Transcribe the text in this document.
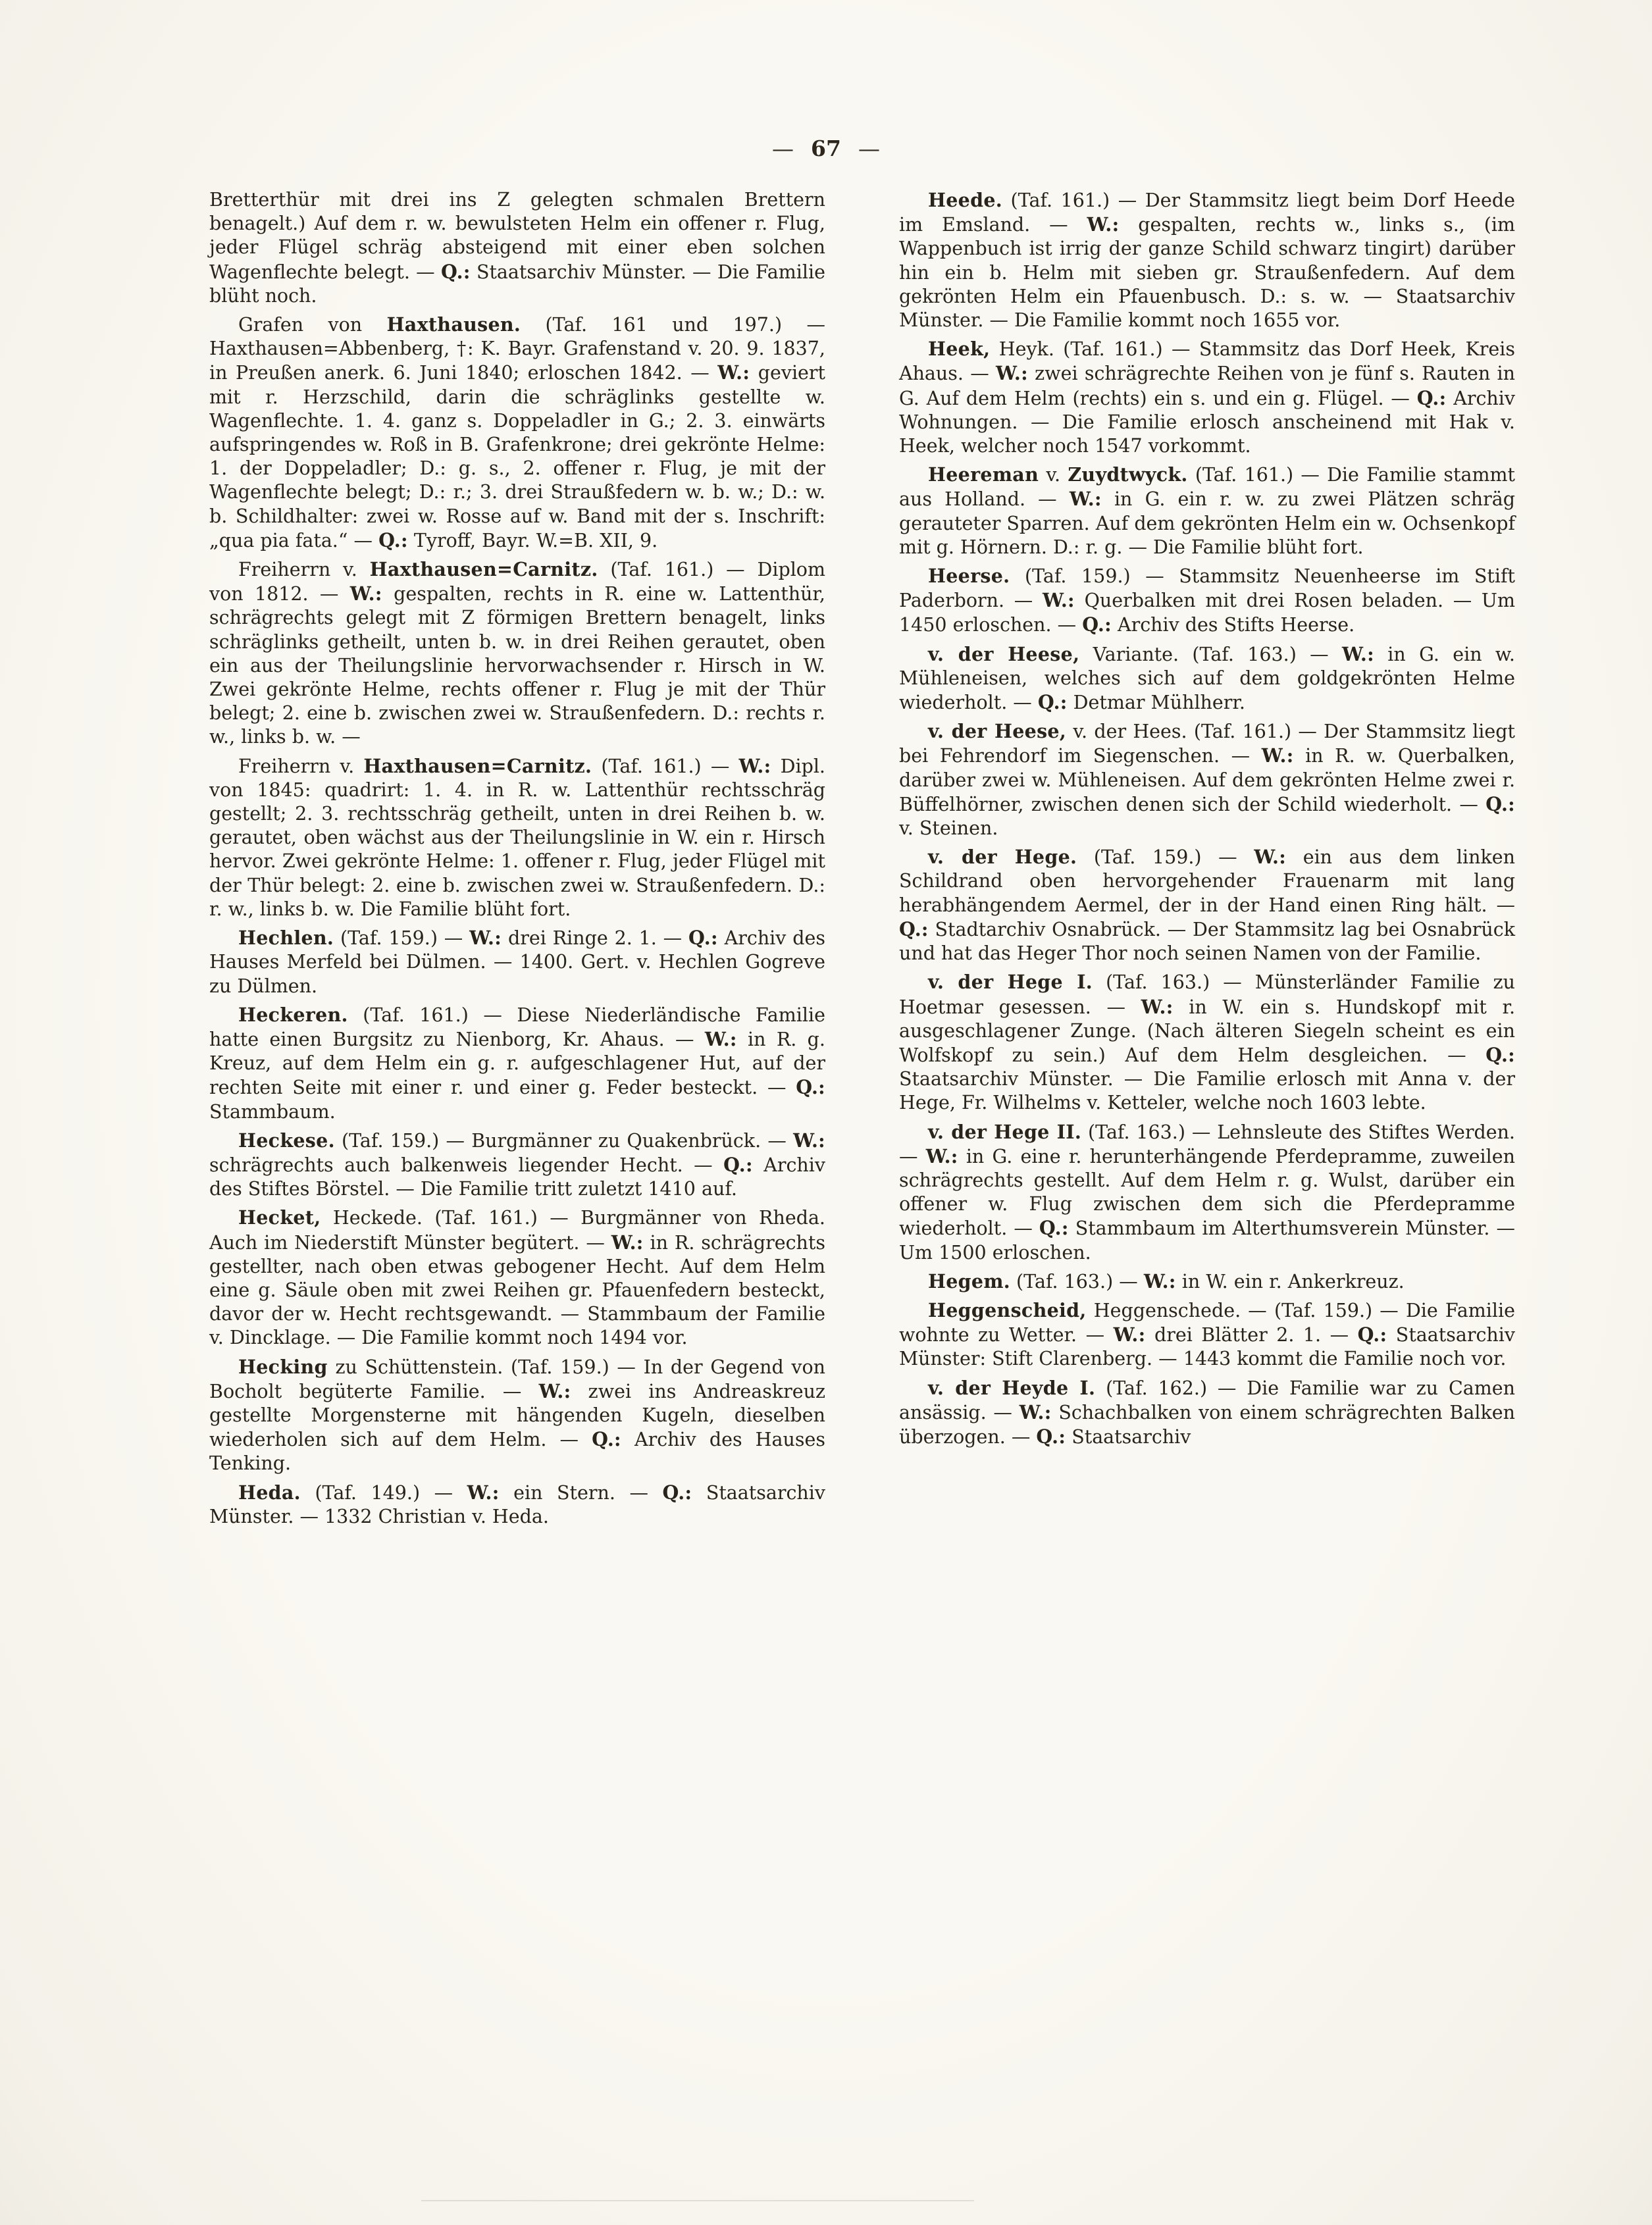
— 67 —

Bretterthür mit drei ins Z gelegten schmalen Brettern benagelt.) Auf dem r. w. bewulsteten Helm ein offener r. Flug, jeder Flügel schräg absteigend mit einer eben solchen Wagenflechte belegt. — Q.: Staatsarchiv Münster. — Die Familie blüht noch.

Grafen von Haxthausen. (Taf. 161 und 197.) — Haxthausen=Abbenberg, †: K. Bayr. Grafenstand v. 20. 9. 1837, in Preußen anerk. 6. Juni 1840; erloschen 1842. — W.: geviert mit r. Herzschild, darin die schräglinks gestellte w. Wagenflechte. 1. 4. ganz s. Doppeladler in G.; 2. 3. einwärts aufspringendes w. Roß in B. Grafenkrone; drei gekrönte Helme: 1. der Doppeladler; D.: g. s., 2. offener r. Flug, je mit der Wagenflechte belegt; D.: r.; 3. drei Straußfedern w. b. w.; D.: w. b. Schildhalter: zwei w. Rosse auf w. Band mit der s. Inschrift: „qua pia fata.“ — Q.: Tyroff, Bayr. W.=B. XII, 9.

Freiherrn v. Haxthausen=Carnitz. (Taf. 161.) — Diplom von 1812. — W.: gespalten, rechts in R. eine w. Lattenthür, schrägrechts gelegt mit Z förmigen Brettern benagelt, links schräglinks getheilt, unten b. w. in drei Reihen gerautet, oben ein aus der Theilungslinie hervorwachsender r. Hirsch in W. Zwei gekrönte Helme, rechts offener r. Flug je mit der Thür belegt; 2. eine b. zwischen zwei w. Straußenfedern. D.: rechts r. w., links b. w. —

Freiherrn v. Haxthausen=Carnitz. (Taf. 161.) — W.: Dipl. von 1845: quadrirt: 1. 4. in R. w. Lattenthür rechtsschräg gestellt; 2. 3. rechtsschräg getheilt, unten in drei Reihen b. w. gerautet, oben wächst aus der Theilungslinie in W. ein r. Hirsch hervor. Zwei gekrönte Helme: 1. offener r. Flug, jeder Flügel mit der Thür belegt: 2. eine b. zwischen zwei w. Straußenfedern. D.: r. w., links b. w. Die Familie blüht fort.

Hechlen. (Taf. 159.) — W.: drei Ringe 2. 1. — Q.: Archiv des Hauses Merfeld bei Dülmen. — 1400. Gert. v. Hechlen Gogreve zu Dülmen.

Heckeren. (Taf. 161.) — Diese Niederländische Familie hatte einen Burgsitz zu Nienborg, Kr. Ahaus. — W.: in R. g. Kreuz, auf dem Helm ein g. r. aufgeschlagener Hut, auf der rechten Seite mit einer r. und einer g. Feder besteckt. — Q.: Stammbaum.

Heckese. (Taf. 159.) — Burgmänner zu Quakenbrück. — W.: schrägrechts auch balkenweis liegender Hecht. — Q.: Archiv des Stiftes Börstel. — Die Familie tritt zuletzt 1410 auf.

Hecket, Heckede. (Taf. 161.) — Burgmänner von Rheda. Auch im Niederstift Münster begütert. — W.: in R. schrägrechts gestellter, nach oben etwas gebogener Hecht. Auf dem Helm eine g. Säule oben mit zwei Reihen gr. Pfauenfedern besteckt, davor der w. Hecht rechtsgewandt. — Stammbaum der Familie v. Dincklage. — Die Familie kommt noch 1494 vor.

Hecking zu Schüttenstein. (Taf. 159.) — In der Gegend von Bocholt begüterte Familie. — W.: zwei ins Andreaskreuz gestellte Morgensterne mit hängenden Kugeln, dieselben wiederholen sich auf dem Helm. — Q.: Archiv des Hauses Tenking.

Heda. (Taf. 149.) — W.: ein Stern. — Q.: Staatsarchiv Münster. — 1332 Christian v. Heda.

Heede. (Taf. 161.) — Der Stammsitz liegt beim Dorf Heede im Emsland. — W.: gespalten, rechts w., links s., (im Wappenbuch ist irrig der ganze Schild schwarz tingirt) darüber hin ein b. Helm mit sieben gr. Straußenfedern. Auf dem gekrönten Helm ein Pfauenbusch. D.: s. w. — Staatsarchiv Münster. — Die Familie kommt noch 1655 vor.

Heek, Heyk. (Taf. 161.) — Stammsitz das Dorf Heek, Kreis Ahaus. — W.: zwei schrägrechte Reihen von je fünf s. Rauten in G. Auf dem Helm (rechts) ein s. und ein g. Flügel. — Q.: Archiv Wohnungen. — Die Familie erlosch anscheinend mit Hak v. Heek, welcher noch 1547 vorkommt.

Heereman v. Zuydtwyck. (Taf. 161.) — Die Familie stammt aus Holland. — W.: in G. ein r. w. zu zwei Plätzen schräg gerauteter Sparren. Auf dem gekrönten Helm ein w. Ochsenkopf mit g. Hörnern. D.: r. g. — Die Familie blüht fort.

Heerse. (Taf. 159.) — Stammsitz Neuenheerse im Stift Paderborn. — W.: Querbalken mit drei Rosen beladen. — Um 1450 erloschen. — Q.: Archiv des Stifts Heerse.

v. der Heese, Variante. (Taf. 163.) — W.: in G. ein w. Mühleneisen, welches sich auf dem goldgekrönten Helme wiederholt. — Q.: Detmar Mühlherr.

v. der Heese, v. der Hees. (Taf. 161.) — Der Stammsitz liegt bei Fehrendorf im Siegenschen. — W.: in R. w. Querbalken, darüber zwei w. Mühleneisen. Auf dem gekrönten Helme zwei r. Büffelhörner, zwischen denen sich der Schild wiederholt. — Q.: v. Steinen.

v. der Hege. (Taf. 159.) — W.: ein aus dem linken Schildrand oben hervorgehender Frauenarm mit lang herabhängendem Aermel, der in der Hand einen Ring hält. — Q.: Stadtarchiv Osnabrück. — Der Stammsitz lag bei Osnabrück und hat das Heger Thor noch seinen Namen von der Familie.

v. der Hege I. (Taf. 163.) — Münsterländer Familie zu Hoetmar gesessen. — W.: in W. ein s. Hundskopf mit r. ausgeschlagener Zunge. (Nach älteren Siegeln scheint es ein Wolfskopf zu sein.) Auf dem Helm desgleichen. — Q.: Staatsarchiv Münster. — Die Familie erlosch mit Anna v. der Hege, Fr. Wilhelms v. Ketteler, welche noch 1603 lebte.

v. der Hege II. (Taf. 163.) — Lehnsleute des Stiftes Werden. — W.: in G. eine r. herunterhängende Pferdepramme, zuweilen schrägrechts gestellt. Auf dem Helm r. g. Wulst, darüber ein offener w. Flug zwischen dem sich die Pferdepramme wiederholt. — Q.: Stammbaum im Alterthumsverein Münster. — Um 1500 erloschen.

Hegem. (Taf. 163.) — W.: in W. ein r. Ankerkreuz.

Heggenscheid, Heggenschede. — (Taf. 159.) — Die Familie wohnte zu Wetter. — W.: drei Blätter 2. 1. — Q.: Staatsarchiv Münster: Stift Clarenberg. — 1443 kommt die Familie noch vor.

v. der Heyde I. (Taf. 162.) — Die Familie war zu Camen ansässig. — W.: Schachbalken von einem schrägrechten Balken überzogen. — Q.: Staatsarchiv
